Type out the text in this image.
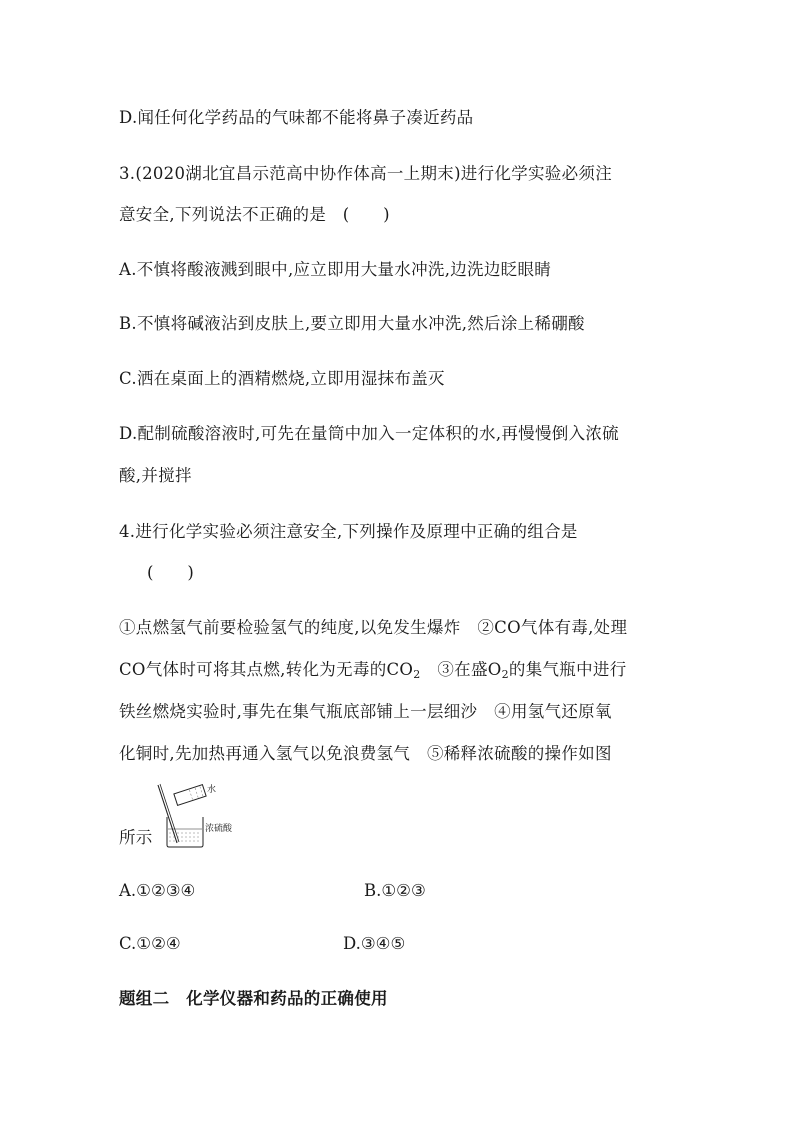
D.闻任何化学药品的气味都不能将鼻子凑近药品
3.(2020湖北宜昌示范高中协作体高一上期末)进行化学实验必须注
意安全,下列说法不正确的是 (　　)
A.不慎将酸液溅到眼中,应立即用大量水冲洗,边洗边眨眼睛
B.不慎将碱液沾到皮肤上,要立即用大量水冲洗,然后涂上稀硼酸
C.洒在桌面上的酒精燃烧,立即用湿抹布盖灭
D.配制硫酸溶液时,可先在量筒中加入一定体积的水,再慢慢倒入浓硫
酸,并搅拌
4.进行化学实验必须注意安全,下列操作及原理中正确的组合是
(　　)
①点燃氢气前要检验氢气的纯度,以免发生爆炸　②CO气体有毒,处理
CO气体时可将其点燃,转化为无毒的$CO_2$　③在盛$O_2$的集气瓶中进行
铁丝燃烧实验时,事先在集气瓶底部铺上一层细沙　④用氢气还原氧
化铜时,先加热再通入氢气以免浪费氢气　⑤稀释浓硫酸的操作如图
水
浓硫酸
所示
A.①②③④	B.①②③
C.①②④	D.③④⑤
题组二　化学仪器和药品的正确使用
